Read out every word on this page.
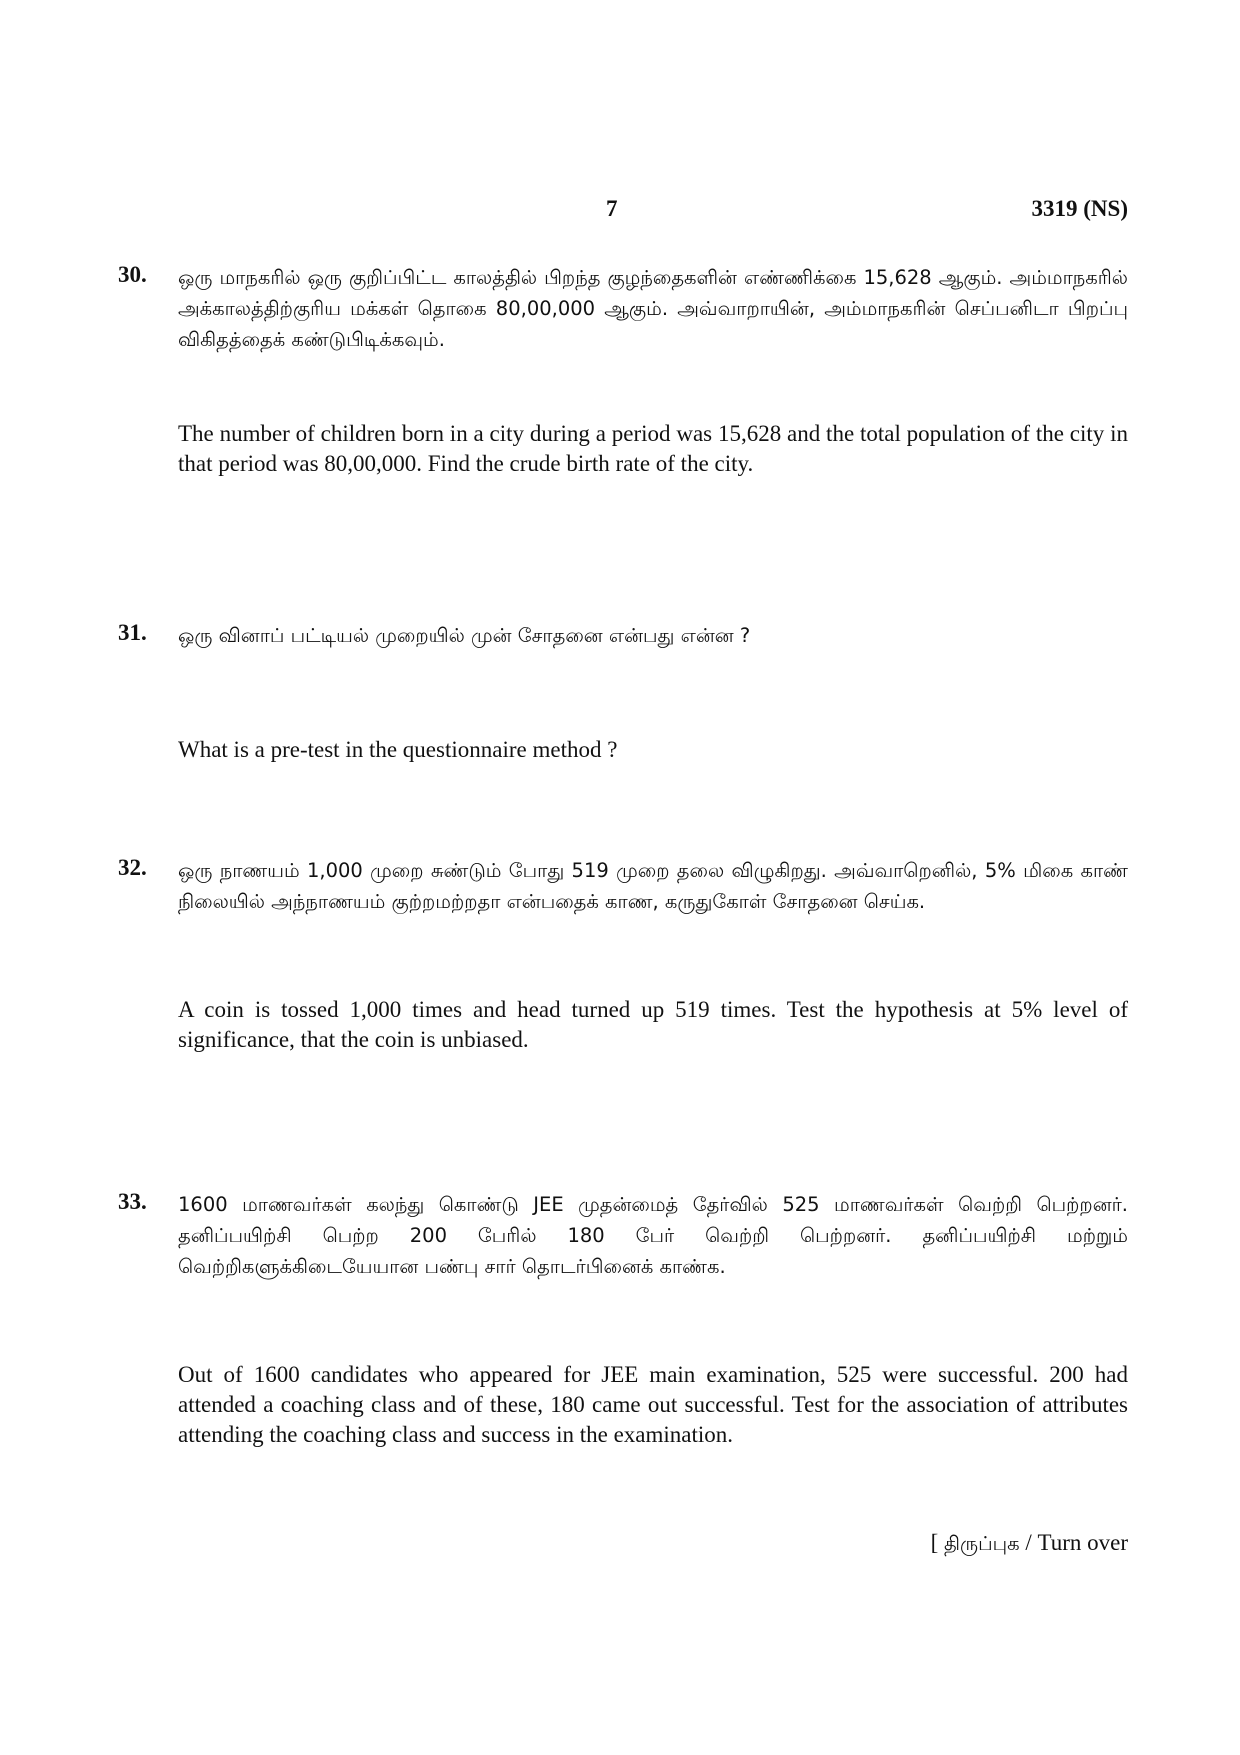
7	3319 (NS)
30. ஒரு மாநகரில் ஒரு குறிப்பிட்ட காலத்தில் பிறந்த குழந்தைகளின் எண்ணிக்கை 15,628 ஆகும். அம்மாநகரில் அக்காலத்திற்குரிய மக்கள் தொகை 80,00,000 ஆகும். அவ்வாறாயின், அம்மாநகரின் செப்பனிடா பிறப்பு விகிதத்தைக் கண்டுபிடிக்கவும்.

The number of children born in a city during a period was 15,628 and the total population of the city in that period was 80,00,000. Find the crude birth rate of the city.

31. ஒரு வினாப் பட்டியல் முறையில் முன் சோதனை என்பது என்ன ?

What is a pre-test in the questionnaire method ?

32. ஒரு நாணயம் 1,000 முறை சுண்டும் போது 519 முறை தலை விழுகிறது. அவ்வாறெனில், 5% மிகை காண் நிலையில் அந்நாணயம் குற்றமற்றதா என்பதைக் காண, கருதுகோள் சோதனை செய்க.

A coin is tossed 1,000 times and head turned up 519 times. Test the hypothesis at 5% level of significance, that the coin is unbiased.

33. 1600 மாணவர்கள் கலந்து கொண்டு JEE முதன்மைத் தேர்வில் 525 மாணவர்கள் வெற்றி பெற்றனர். தனிப்பயிற்சி பெற்ற 200 பேரில் 180 பேர் வெற்றி பெற்றனர். தனிப்பயிற்சி மற்றும் வெற்றிகளுக்கிடையேயான பண்பு சார் தொடர்பினைக் காண்க.

Out of 1600 candidates who appeared for JEE main examination, 525 were successful. 200 had attended a coaching class and of these, 180 came out successful. Test for the association of attributes attending the coaching class and success in the examination.

[ திருப்புக / Turn over
